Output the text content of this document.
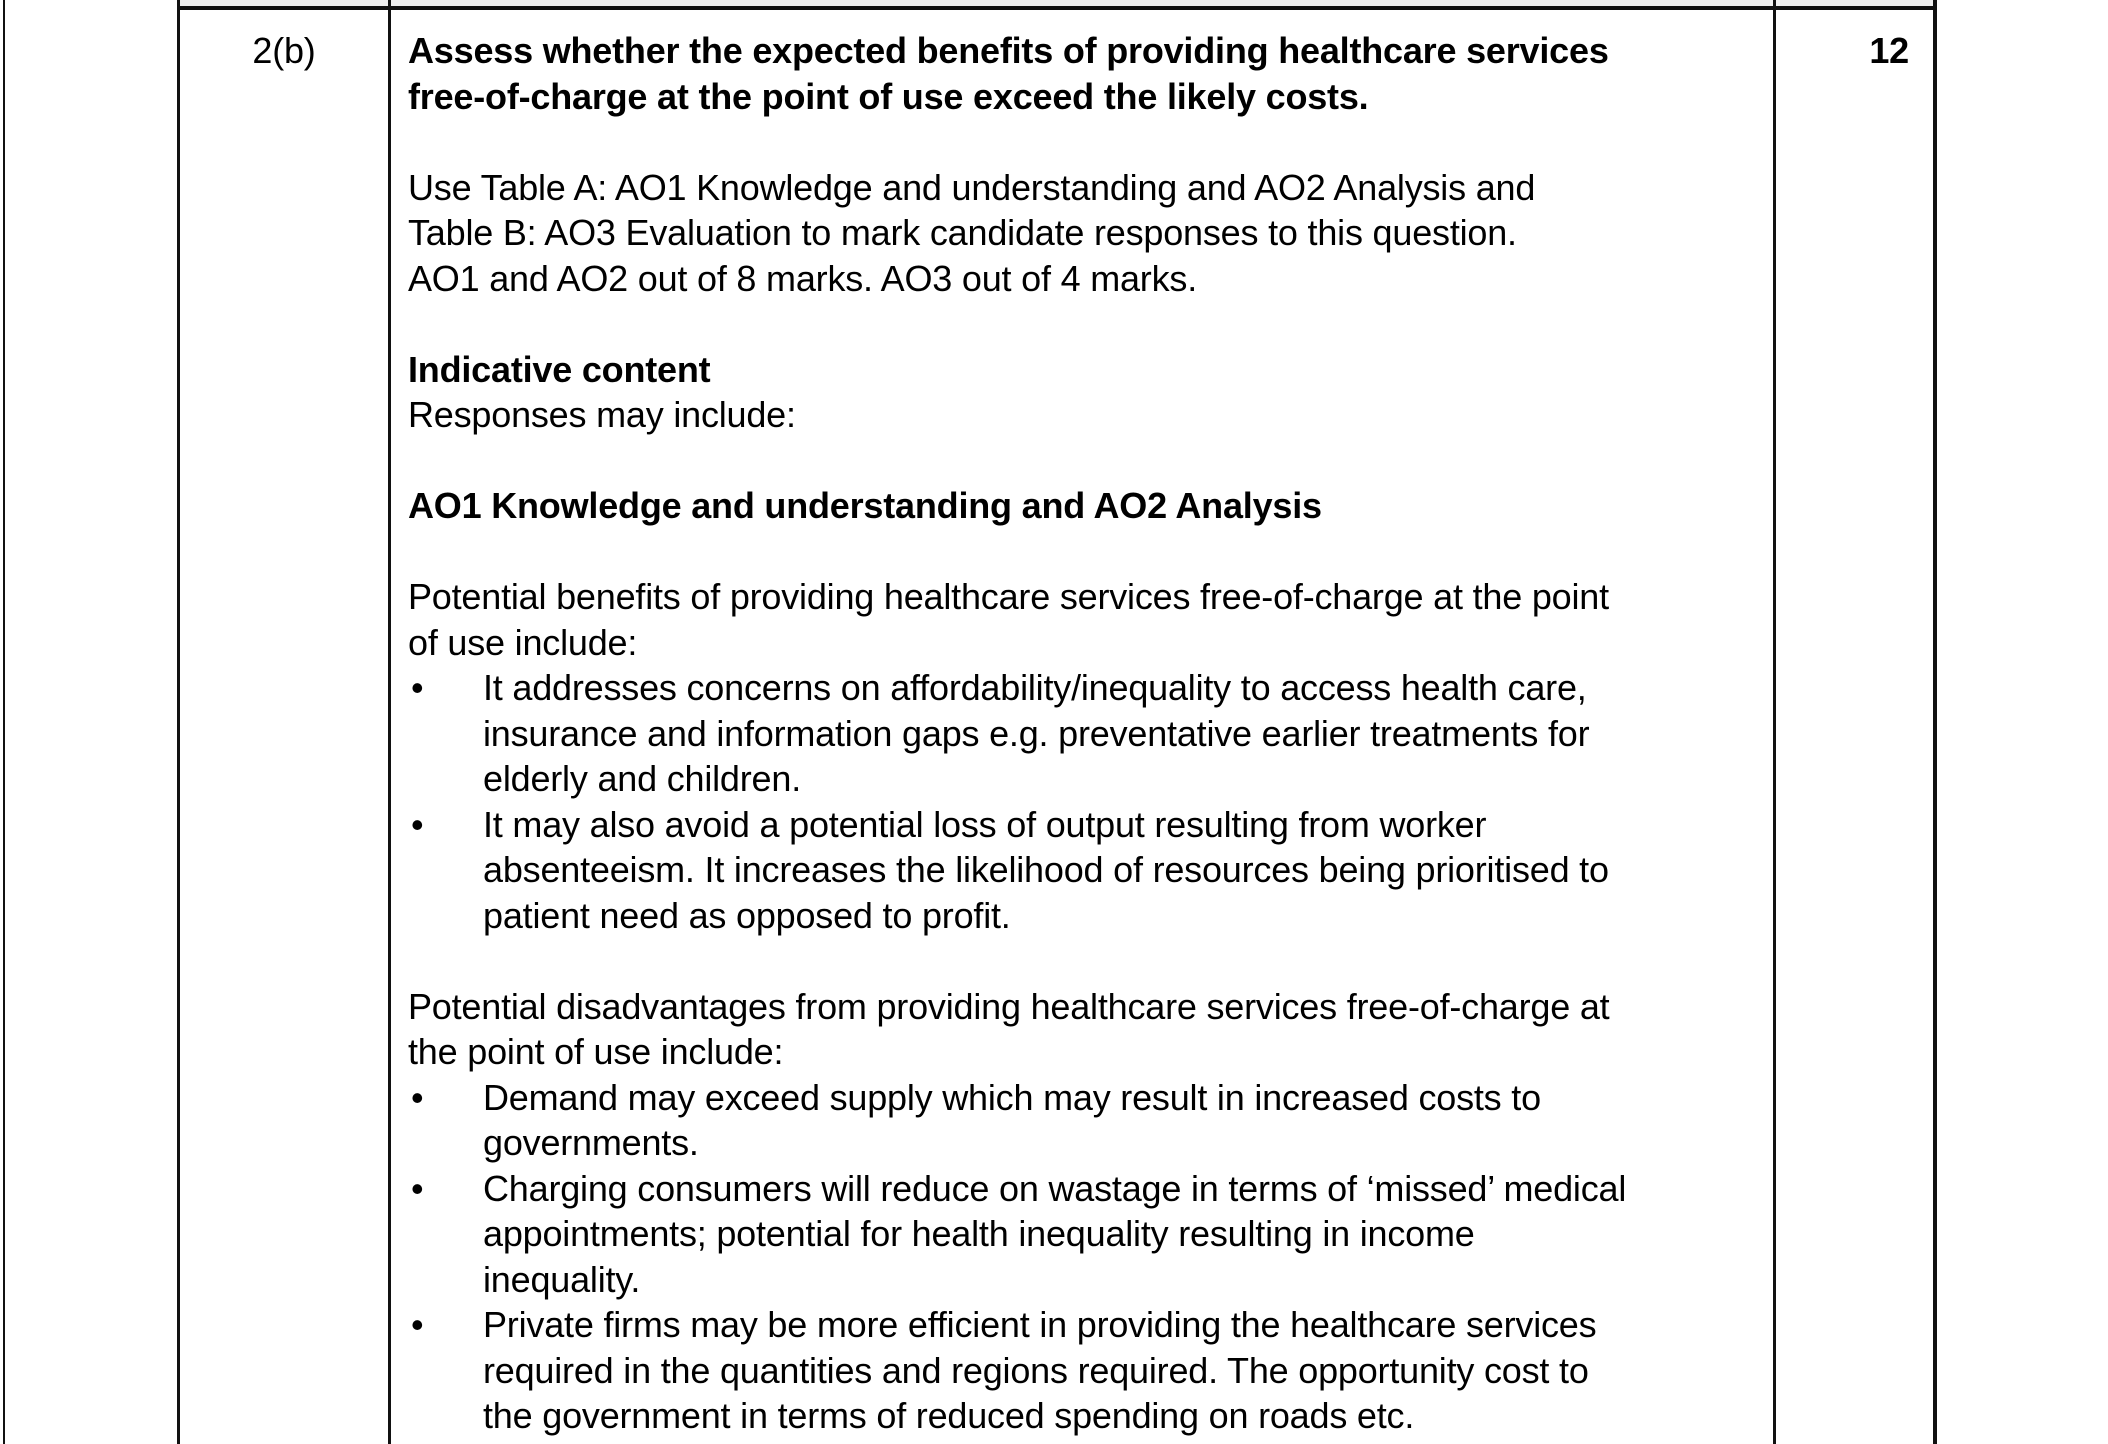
2(b)	12
Assess whether the expected benefits of providing healthcare services
free-of-charge at the point of use exceed the likely costs.
Use Table A: AO1 Knowledge and understanding and AO2 Analysis and
Table B: AO3 Evaluation to mark candidate responses to this question.
AO1 and AO2 out of 8 marks. AO3 out of 4 marks.
Indicative content
Responses may include:
AO1 Knowledge and understanding and AO2 Analysis
Potential benefits of providing healthcare services free-of-charge at the point
of use include:
• It addresses concerns on affordability/inequality to access health care,
insurance and information gaps e.g. preventative earlier treatments for
elderly and children.
• It may also avoid a potential loss of output resulting from worker
absenteeism. It increases the likelihood of resources being prioritised to
patient need as opposed to profit.
Potential disadvantages from providing healthcare services free-of-charge at
the point of use include:
• Demand may exceed supply which may result in increased costs to
governments.
• Charging consumers will reduce on wastage in terms of ‘missed’ medical
appointments; potential for health inequality resulting in income
inequality.
• Private firms may be more efficient in providing the healthcare services
required in the quantities and regions required. The opportunity cost to
the government in terms of reduced spending on roads etc.
